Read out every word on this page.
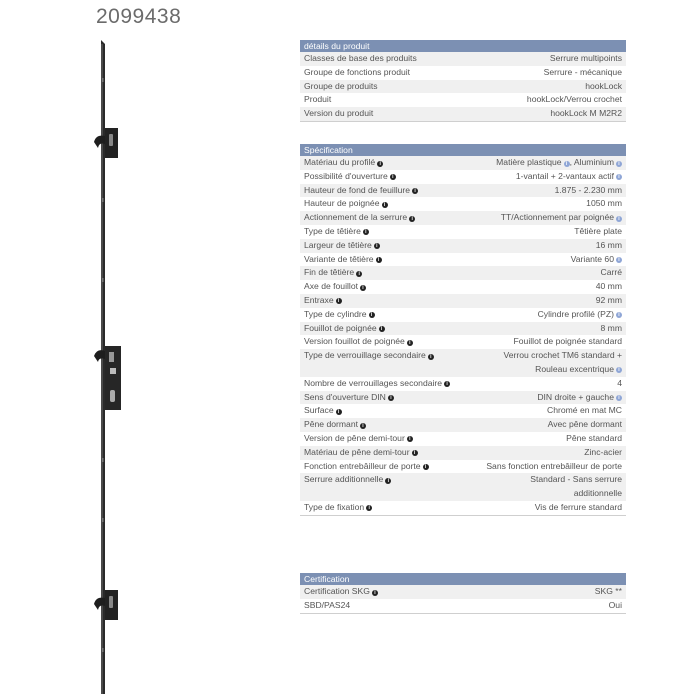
2099438
détails du produit
Classes de base des produits	Serrure multipoints
Groupe de fonctions produit	Serrure - mécanique
Groupe de produits	hookLock
Produit	hookLock/Verrou crochet
Version du produit	hookLock M M2R2
Spécification
Matériau du profilé i	Matière plastique i , Aluminium i
Possibilité d'ouverture i	1-vantail + 2-vantaux actif i
Hauteur de fond de feuillure i	1.875 - 2.230 mm
Hauteur de poignée i	1050 mm
Actionnement de la serrure i	TT/Actionnement par poignée i
Type de têtière i	Têtière plate
Largeur de têtière i	16 mm
Variante de têtière i	Variante 60 i
Fin de têtière i	Carré
Axe de fouillot i	40 mm
Entraxe i	92 mm
Type de cylindre i	Cylindre profilé (PZ) i
Fouillot de poignée i	8 mm
Version fouillot de poignée i	Fouillot de poignée standard
Type de verrouillage secondaire i	Verrou crochet TM6 standard + Rouleau excentrique i
Nombre de verrouillages secondaire i	4
Sens d'ouverture DIN i	DIN droite + gauche i
Surface i	Chromé en mat MC
Pêne dormant i	Avec pêne dormant
Version de pêne demi-tour i	Pêne standard
Matériau de pêne demi-tour i	Zinc-acier
Fonction entrebâilleur de porte i	Sans fonction entrebâilleur de porte
Serrure additionnelle i	Standard - Sans serrure additionnelle
Type de fixation i	Vis de ferrure standard
Certification
Certification SKG i	SKG **
SBD/PAS24	Oui
